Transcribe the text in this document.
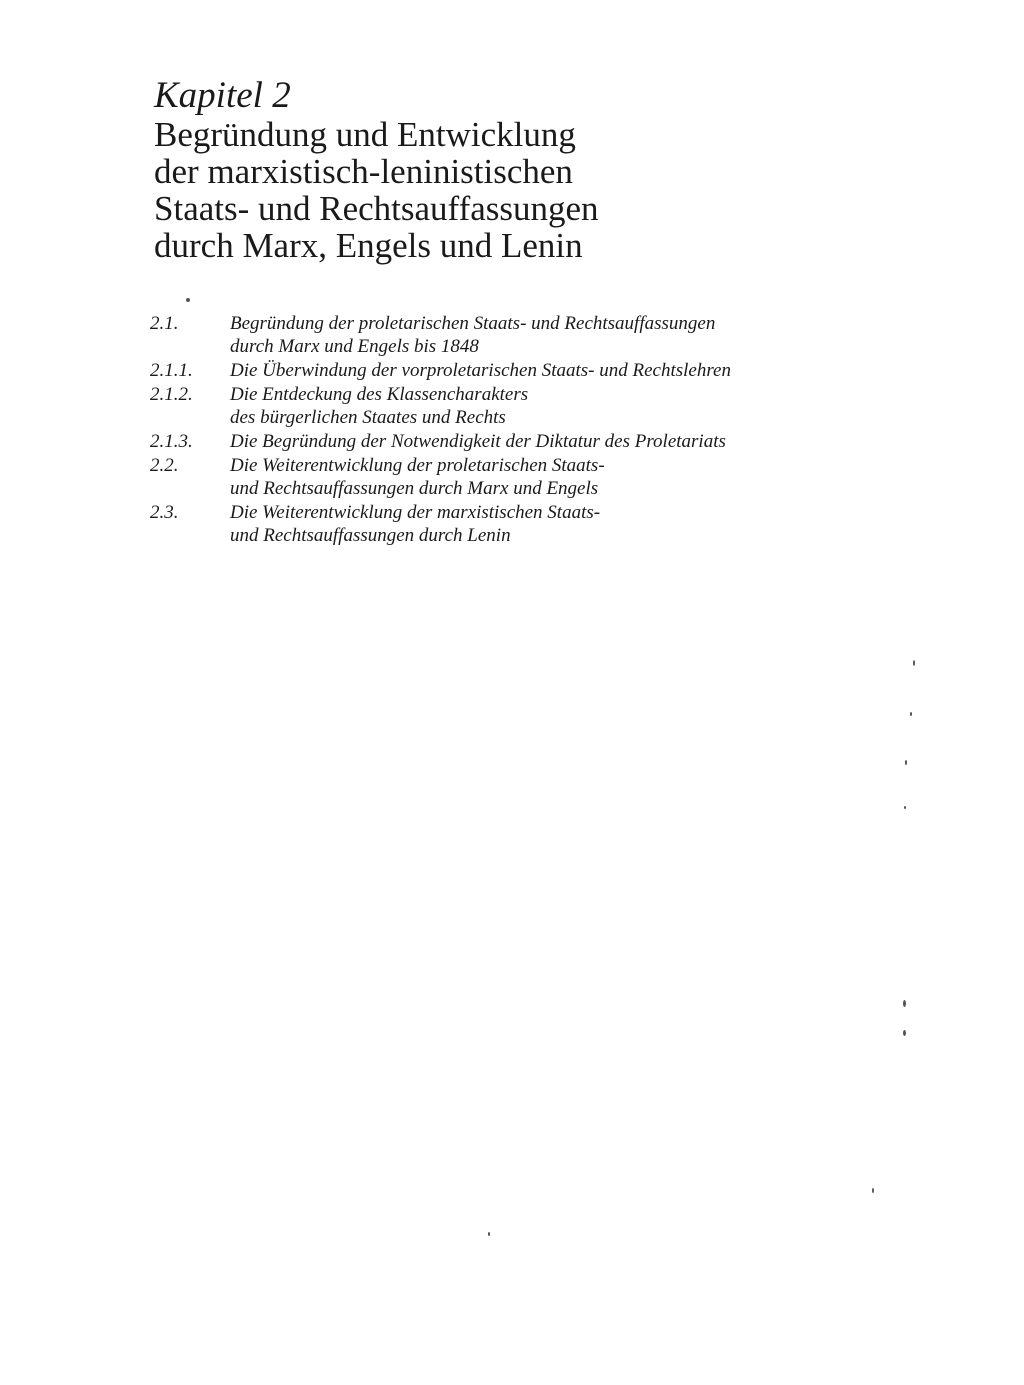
Kapitel 2
Begründung und Entwicklung
der marxistisch-leninistischen
Staats- und Rechtsauffassungen
durch Marx, Engels und Lenin
2.1.	Begründung der proletarischen Staats- und Rechtsauffassungen
durch Marx und Engels bis 1848
2.1.1.	Die Überwindung der vorproletarischen Staats- und Rechtslehren
2.1.2.	Die Entdeckung des Klassencharakters
des bürgerlichen Staates und Rechts
2.1.3.	Die Begründung der Notwendigkeit der Diktatur des Proletariats
2.2.	Die Weiterentwicklung der proletarischen Staats-
und Rechtsauffassungen durch Marx und Engels
2.3.	Die Weiterentwicklung der marxistischen Staats-
und Rechtsauffassungen durch Lenin
